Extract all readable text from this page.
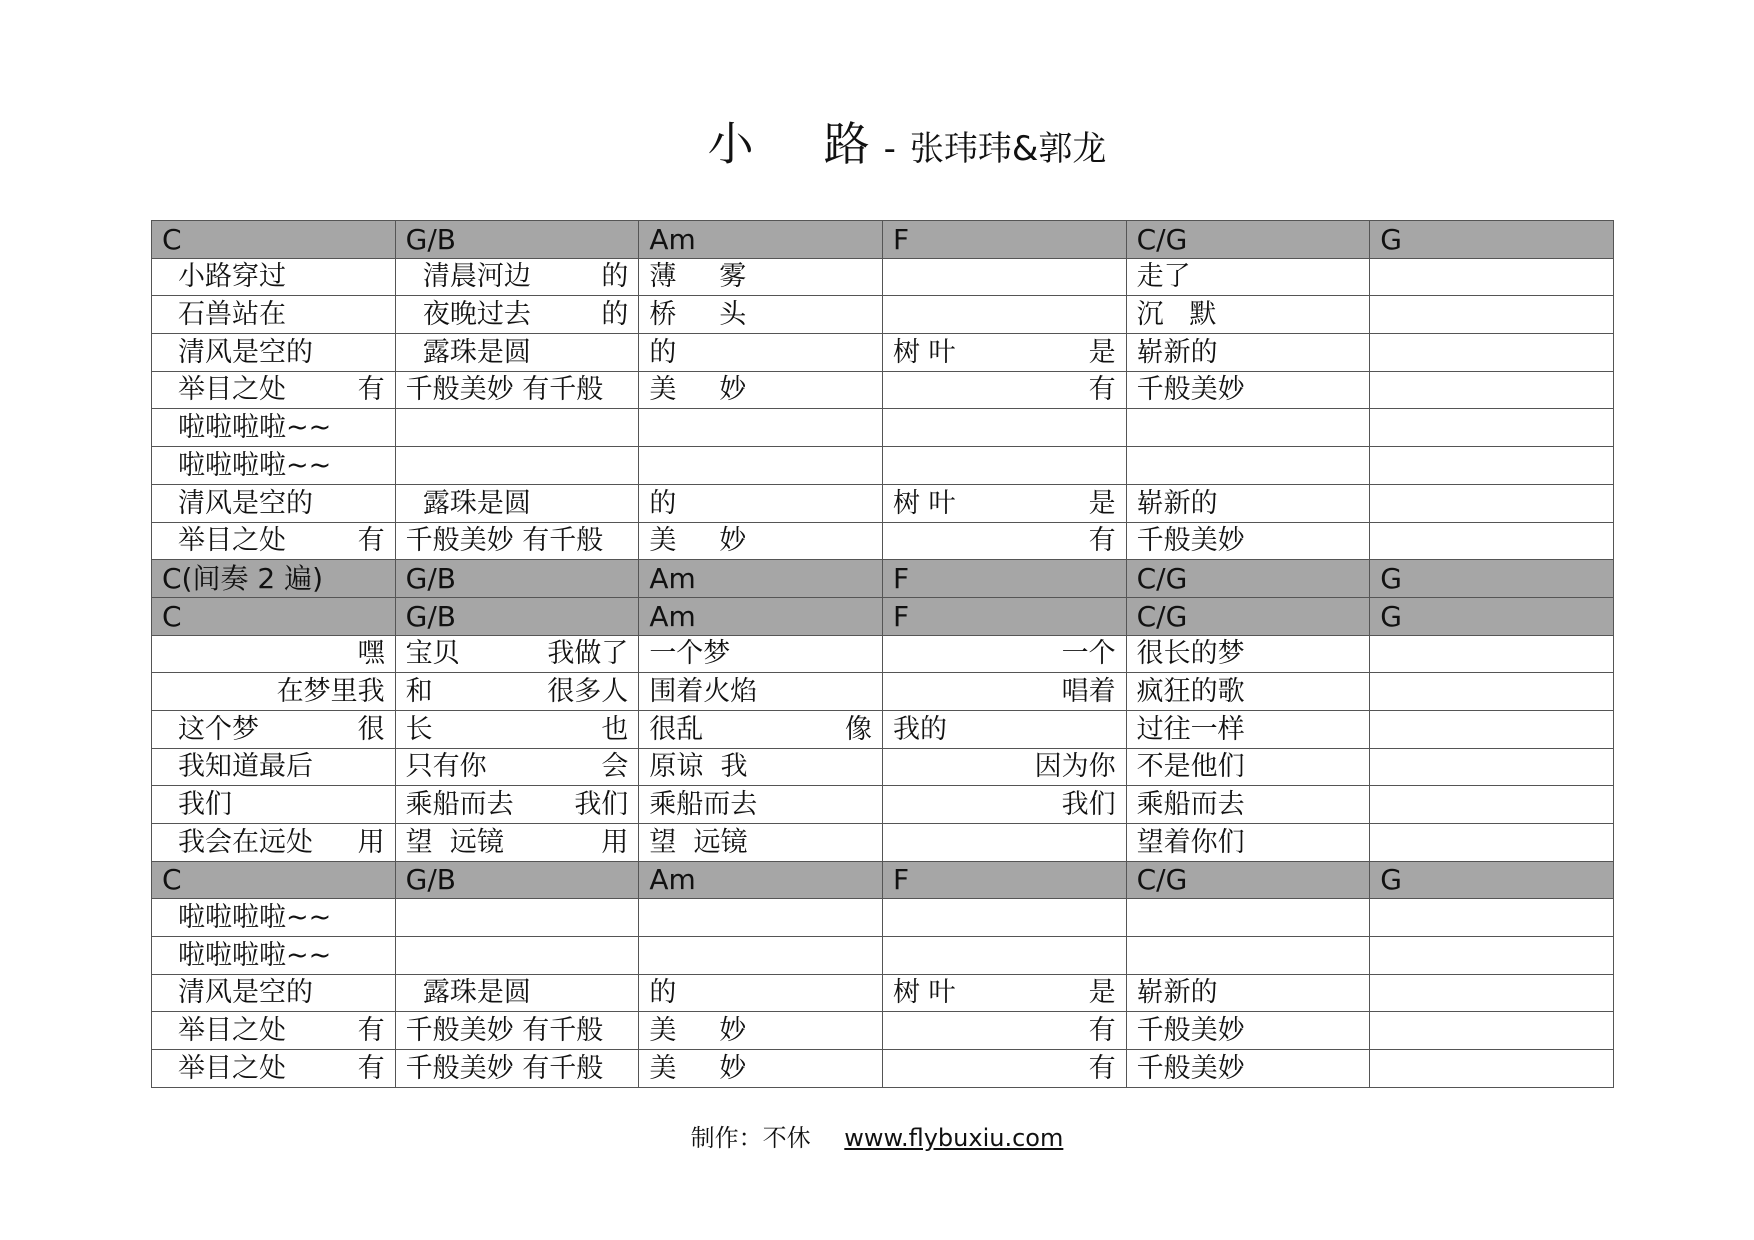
小 路 - 张玮玮&郭龙
C	G/B	Am	F	C/G	G

小路穿过	清晨河边 的	薄     雾		走了	

石兽站在	夜晚过去 的	桥     头		沉   默	

清风是空的	露珠是圆	的	树 叶 是	崭新的	

举目之处 有	千般美妙 有千般	美     妙	有	千般美妙	

啦啦啦啦~~					

啦啦啦啦~~					

清风是空的	露珠是圆	的	树 叶 是	崭新的	

举目之处 有	千般美妙 有千般	美     妙	有	千般美妙	

C(间奏 2 遍)	G/B	Am	F	C/G	G

C	G/B	Am	F	C/G	G

嘿	宝贝 我做了	一个梦	一个	很长的梦	

在梦里我	和 很多人	围着火焰	唱着	疯狂的歌	

这个梦 很	长 也	很乱 像	我的	过往一样	

我知道最后	只有你 会	原谅  我	因为你	不是他们	

我们	乘船而去 我们	乘船而去	我们	乘船而去	

我会在远处 用	望  远镜 用	望  远镜		望着你们	

C	G/B	Am	F	C/G	G

啦啦啦啦~~					

啦啦啦啦~~					

清风是空的	露珠是圆	的	树 叶 是	崭新的	

举目之处 有	千般美妙 有千般	美     妙	有	千般美妙	

举目之处 有	千般美妙 有千般	美     妙	有	千般美妙	

制作：不休 www.flybuxiu.com
